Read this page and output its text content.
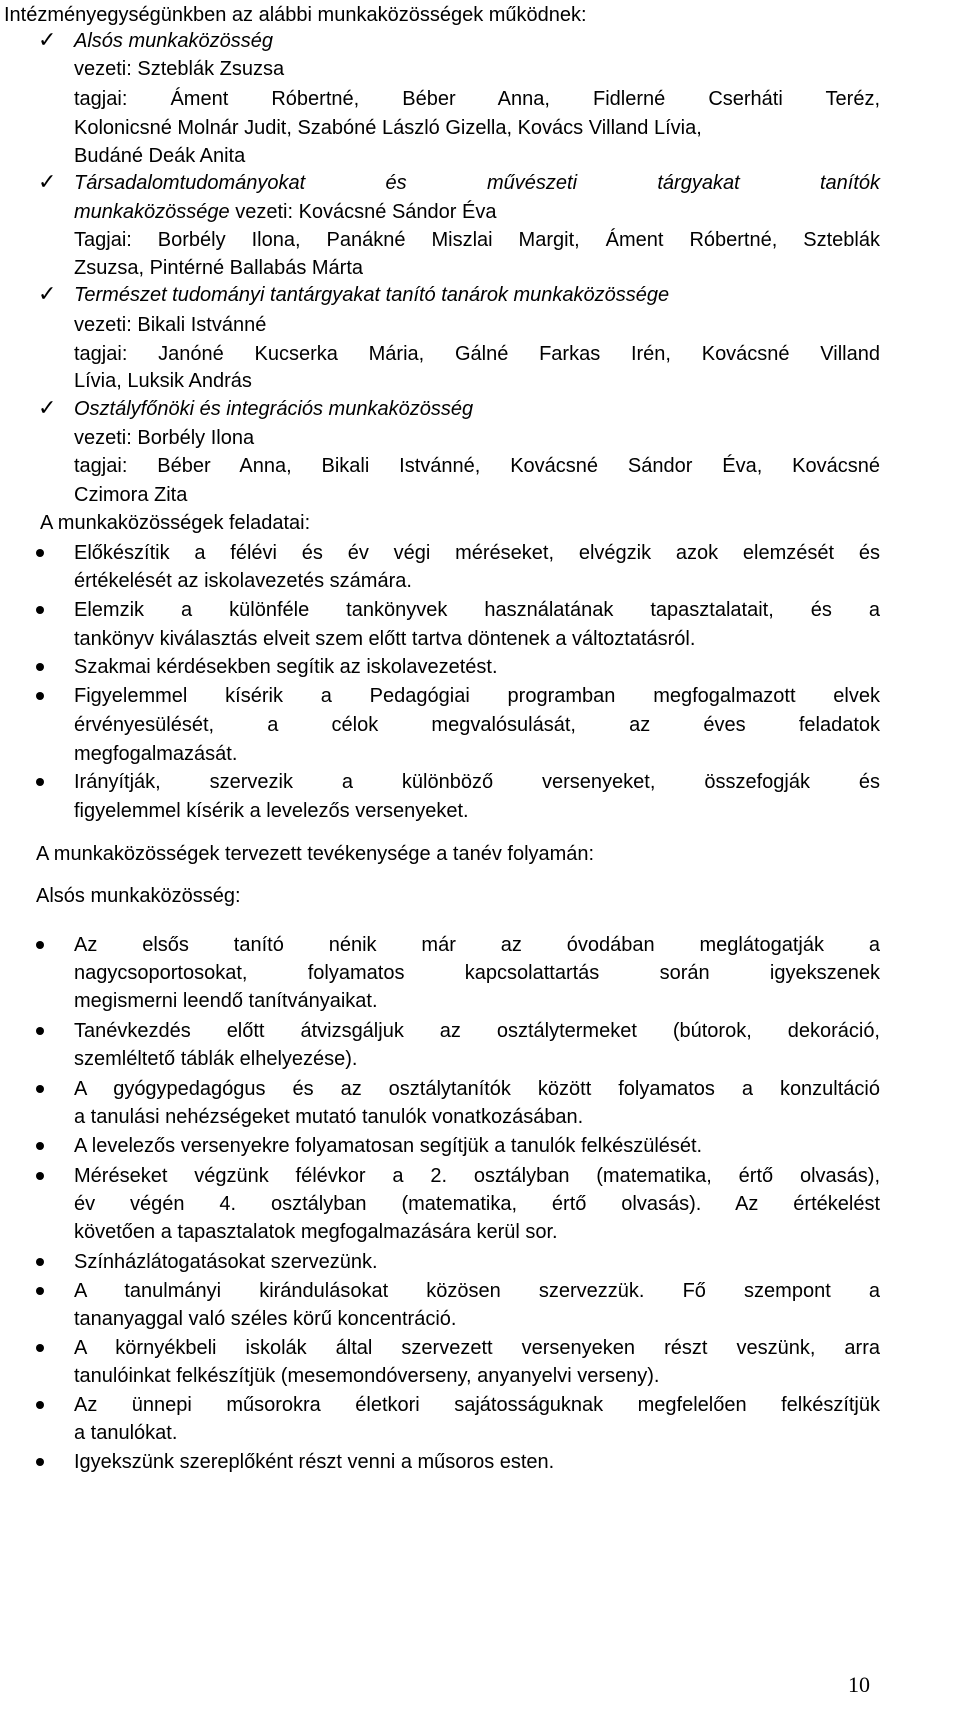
Intézményegységünkben az alábbi munkaközösségek működnek:
✓ Alsós munkaközösség
vezeti: Szteblák Zsuzsa
tagjai: Áment Róbertné, Béber Anna, Fidlerné Cserháti Teréz,
Kolonicsné Molnár Judit, Szabóné László Gizella, Kovács Villand Lívia,
Budáné Deák Anita
✓ Társadalomtudományokat és művészeti tárgyakat tanítók
munkaközössége vezeti: Kovácsné Sándor Éva
Tagjai: Borbély Ilona, Panákné Miszlai Margit, Áment Róbertné, Szteblák
Zsuzsa, Pintérné Ballabás Márta
✓ Természet tudományi tantárgyakat tanító tanárok munkaközössége
vezeti: Bikali Istvánné
tagjai: Janóné Kucserka Mária, Gálné Farkas Irén, Kovácsné Villand
Lívia, Luksik András
✓ Osztályfőnöki és integrációs munkaközösség
vezeti: Borbély Ilona
tagjai: Béber Anna, Bikali Istvánné, Kovácsné Sándor Éva, Kovácsné
Czimora Zita
A munkaközösségek feladatai:
Előkészítik a félévi és év végi méréseket, elvégzik azok elemzését és
értékelését az iskolavezetés számára.
Elemzik a különféle tankönyvek használatának tapasztalatait, és a
tankönyv kiválasztás elveit szem előtt tartva döntenek a változtatásról.
Szakmai kérdésekben segítik az iskolavezetést.
Figyelemmel kísérik a Pedagógiai programban megfogalmazott elvek
érvényesülését, a célok megvalósulását, az éves feladatok
megfogalmazását.
Irányítják, szervezik a különböző versenyeket, összefogják és
figyelemmel kísérik a levelezős versenyeket.
A munkaközösségek tervezett tevékenysége a tanév folyamán:
Alsós munkaközösség:
Az elsős tanító nénik már az óvodában meglátogatják a
nagycsoportosokat, folyamatos kapcsolattartás során igyekszenek
megismerni leendő tanítványaikat.
Tanévkezdés előtt átvizsgáljuk az osztálytermeket (bútorok, dekoráció,
szemléltető táblák elhelyezése).
A gyógypedagógus és az osztálytanítók között folyamatos a konzultáció
a tanulási nehézségeket mutató tanulók vonatkozásában.
A levelezős versenyekre folyamatosan segítjük a tanulók felkészülését.
Méréseket végzünk félévkor a 2. osztályban (matematika, értő olvasás),
év végén 4. osztályban (matematika, értő olvasás). Az értékelést
követően a tapasztalatok megfogalmazására kerül sor.
Színházlátogatásokat szervezünk.
A tanulmányi kirándulásokat közösen szervezzük. Fő szempont a
tananyaggal való széles körű koncentráció.
A környékbeli iskolák által szervezett versenyeken részt veszünk, arra
tanulóinkat felkészítjük (mesemondóverseny, anyanyelvi verseny).
Az ünnepi műsorokra életkori sajátosságuknak megfelelően felkészítjük
a tanulókat.
Igyekszünk szereplőként részt venni a műsoros esten.
10
